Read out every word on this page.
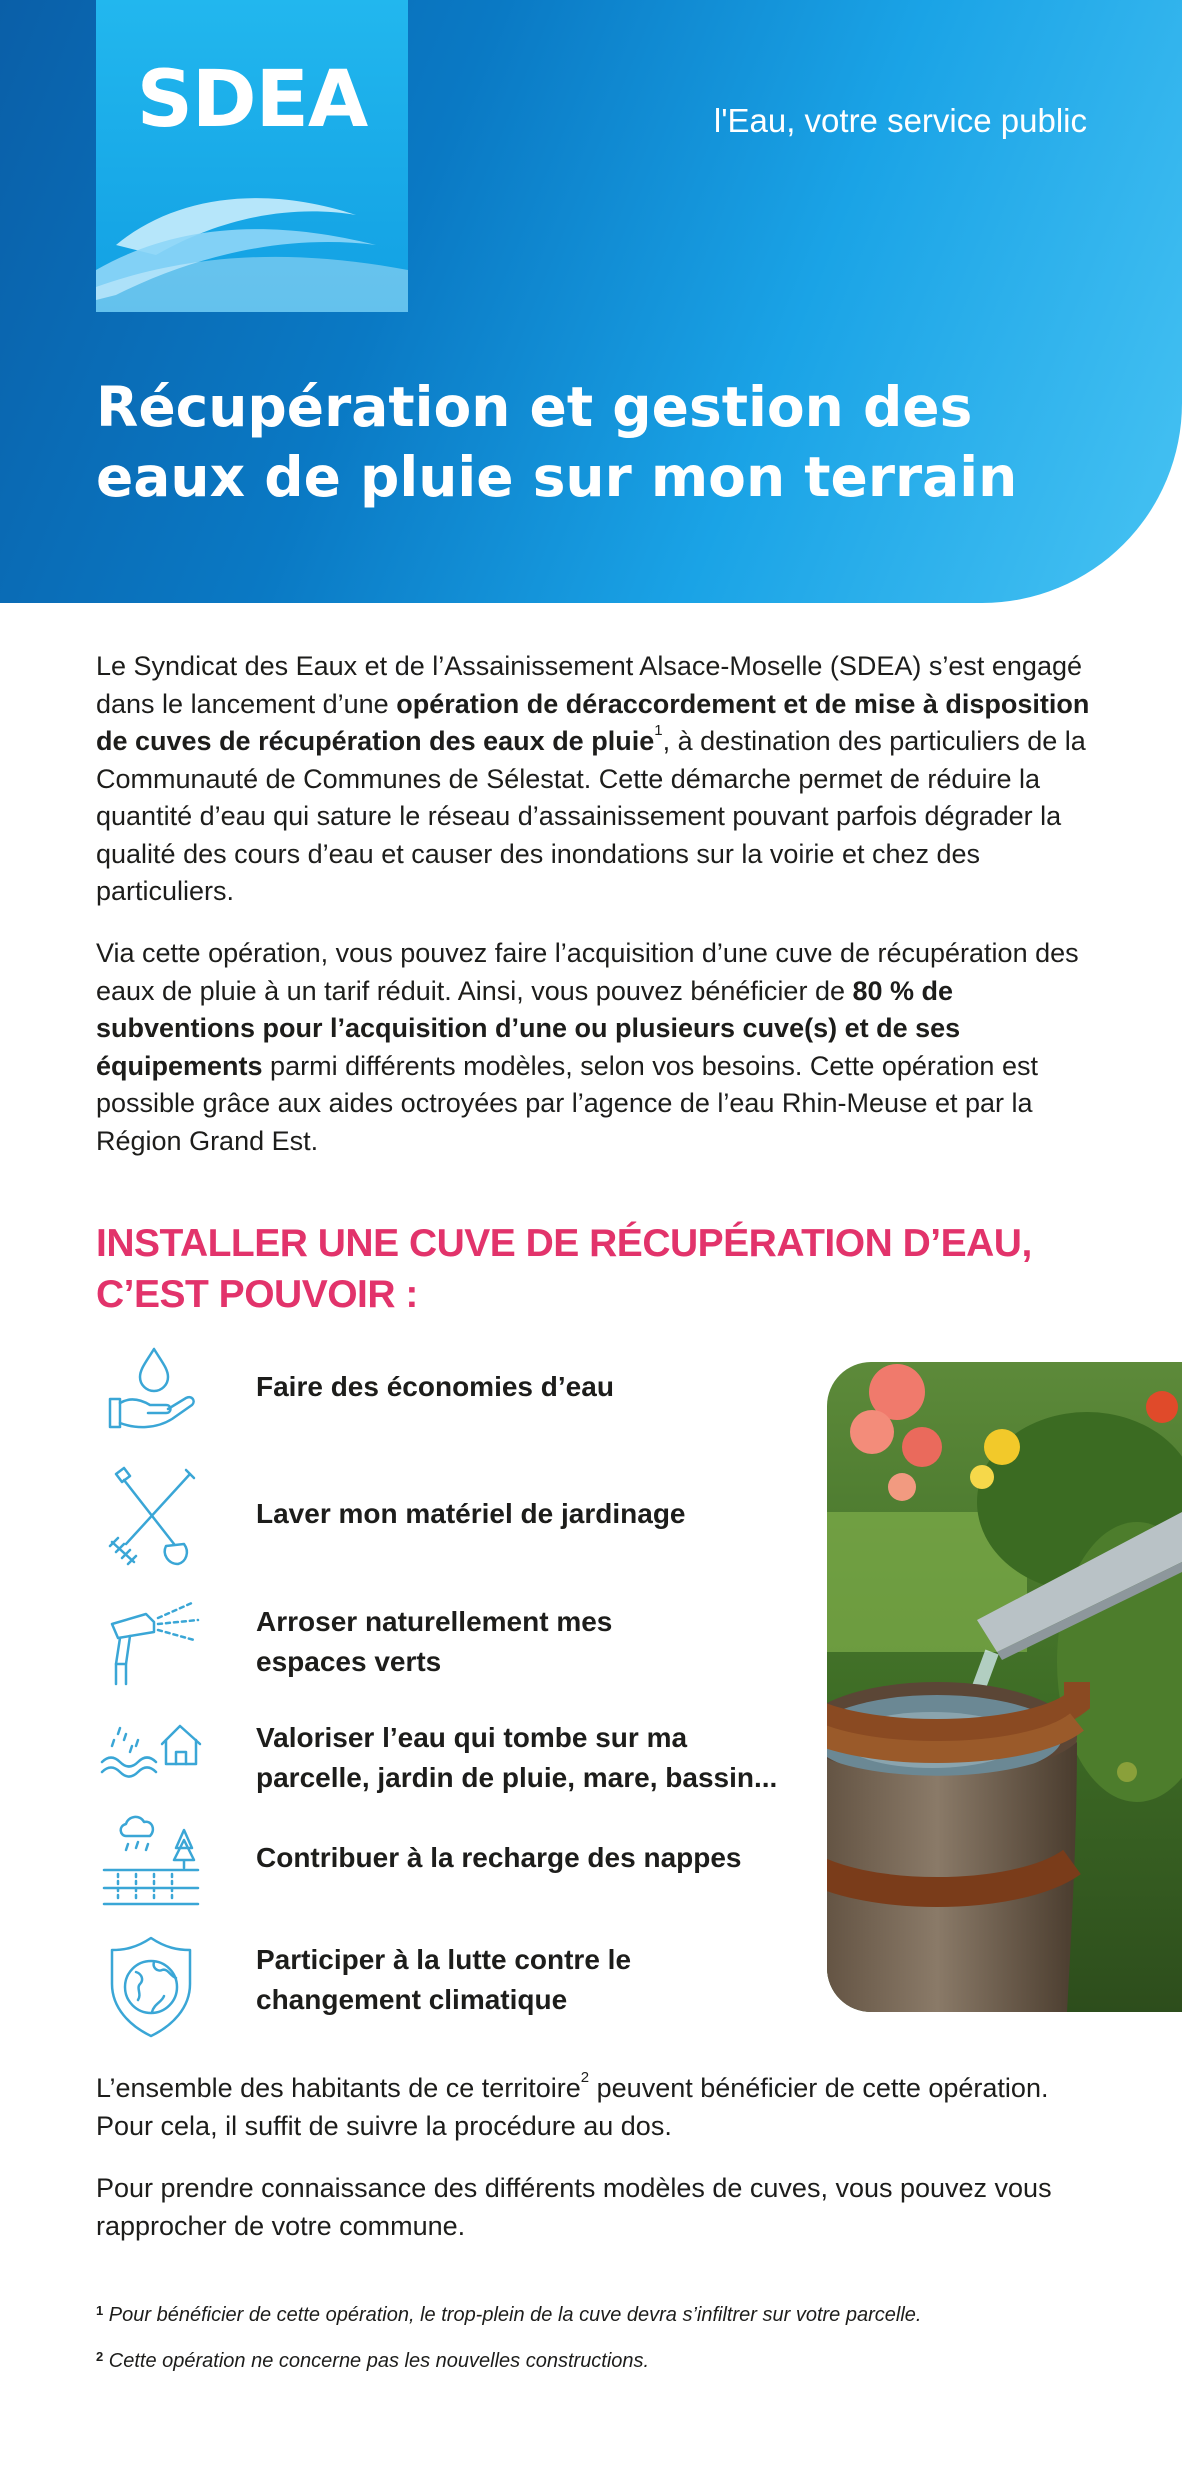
SDEA	l'Eau, votre service public
Récupération et gestion des
eaux de pluie sur mon terrain

Le Syndicat des Eaux et de l’Assainissement Alsace-Moselle (SDEA) s’est engagé dans le lancement d’une opération de déraccordement et de mise à disposition de cuves de récupération des eaux de pluie$^1$, à destination des particuliers de la Communauté de Communes de Sélestat. Cette démarche permet de réduire la quantité d’eau qui sature le réseau d’assainissement pouvant parfois dégrader la qualité des cours d’eau et causer des inondations sur la voirie et chez des particuliers.

Via cette opération, vous pouvez faire l’acquisition d’une cuve de récupération des eaux de pluie à un tarif réduit. Ainsi, vous pouvez bénéficier de 80 % de subventions pour l’acquisition d’une ou plusieurs cuve(s) et de ses équipements parmi différents modèles, selon vos besoins. Cette opération est possible grâce aux aides octroyées par l’agence de l’eau Rhin-Meuse et par la Région Grand Est.

INSTALLER UNE CUVE DE RÉCUPÉRATION D’EAU,
C’EST POUVOIR :
Faire des économies d’eau
Laver mon matériel de jardinage
Arroser naturellement mes
espaces verts
Valoriser l’eau qui tombe sur ma
parcelle, jardin de pluie, mare, bassin...
Contribuer à la recharge des nappes
Participer à la lutte contre le
changement climatique

L’ensemble des habitants de ce territoire$^2$ peuvent bénéficier de cette opération. Pour cela, il suffit de suivre la procédure au dos.

Pour prendre connaissance des différents modèles de cuves, vous pouvez vous rapprocher de votre commune.

$^1$ Pour bénéficier de cette opération, le trop-plein de la cuve devra s’infiltrer sur votre parcelle.

$^2$ Cette opération ne concerne pas les nouvelles constructions.
